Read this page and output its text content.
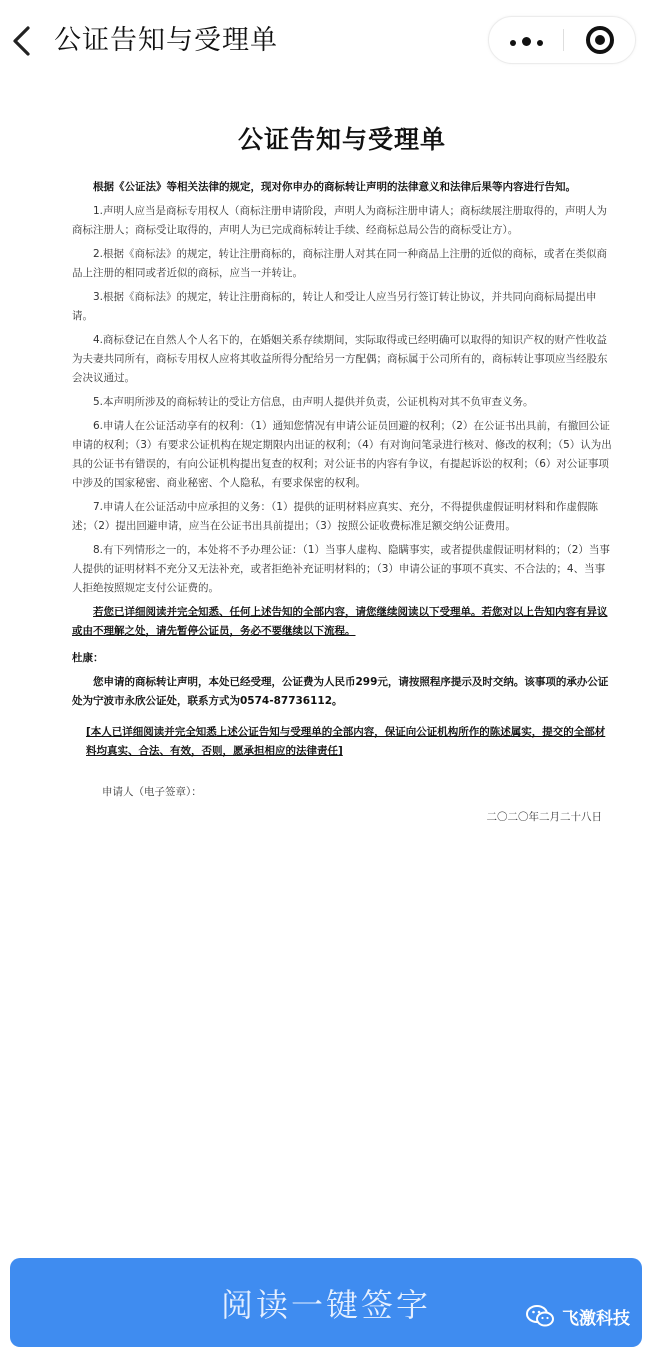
公证告知与受理单
公证告知与受理单

根据《公证法》等相关法律的规定，现对你申办的商标转让声明的法律意义和法律后果等内容进行告知。

1.声明人应当是商标专用权人（商标注册申请阶段，声明人为商标注册申请人；商标续展注册取得的，声明人为商标注册人；商标受让取得的，声明人为已完成商标转让手续、经商标总局公告的商标受让方）。

2.根据《商标法》的规定，转让注册商标的，商标注册人对其在同一种商品上注册的近似的商标，或者在类似商品上注册的相同或者近似的商标，应当一并转让。

3.根据《商标法》的规定，转让注册商标的，转让人和受让人应当另行签订转让协议，并共同向商标局提出申请。

4.商标登记在自然人个人名下的，在婚姻关系存续期间，实际取得或已经明确可以取得的知识产权的财产性收益为夫妻共同所有，商标专用权人应将其收益所得分配给另一方配偶；商标属于公司所有的，商标转让事项应当经股东会决议通过。

5.本声明所涉及的商标转让的受让方信息，由声明人提供并负责，公证机构对其不负审查义务。

6.申请人在公证活动享有的权利：（1）通知您情况有申请公证员回避的权利；（2）在公证书出具前，有撤回公证申请的权利；（3）有要求公证机构在规定期限内出证的权利；（4）有对询问笔录进行核对、修改的权利；（5）认为出具的公证书有错误的，有向公证机构提出复查的权利；对公证书的内容有争议，有提起诉讼的权利；（6）对公证事项中涉及的国家秘密、商业秘密、个人隐私，有要求保密的权利。

7.申请人在公证活动中应承担的义务：（1）提供的证明材料应真实、充分，不得提供虚假证明材料和作虚假陈述；（2）提出回避申请，应当在公证书出具前提出；（3）按照公证收费标准足额交纳公证费用。

8.有下列情形之一的，本处将不予办理公证：（1）当事人虚构、隐瞒事实，或者提供虚假证明材料的；（2）当事人提供的证明材料不充分又无法补充，或者拒绝补充证明材料的；（3）申请公证的事项不真实、不合法的；4、当事人拒绝按照规定支付公证费的。

若您已详细阅读并完全知悉、任何上述告知的全部内容，请您继续阅读以下受理单。若您对以上告知内容有异议或由不理解之处，请先暂停公证员，务必不要继续以下流程。

杜康：

您申请的商标转让声明，本处已经受理，公证费为人民币299元，请按照程序提示及时交纳。该事项的承办公证处为宁波市永欣公证处，联系方式为0574-87736112。

[本人已详细阅读并完全知悉上述公证告知与受理单的全部内容，保证向公证机构所作的陈述属实，提交的全部材料均真实、合法、有效，否则，愿承担相应的法律责任]

申请人（电子签章）：

二〇二〇年二月二十八日

阅读一键签字	飞激科技
